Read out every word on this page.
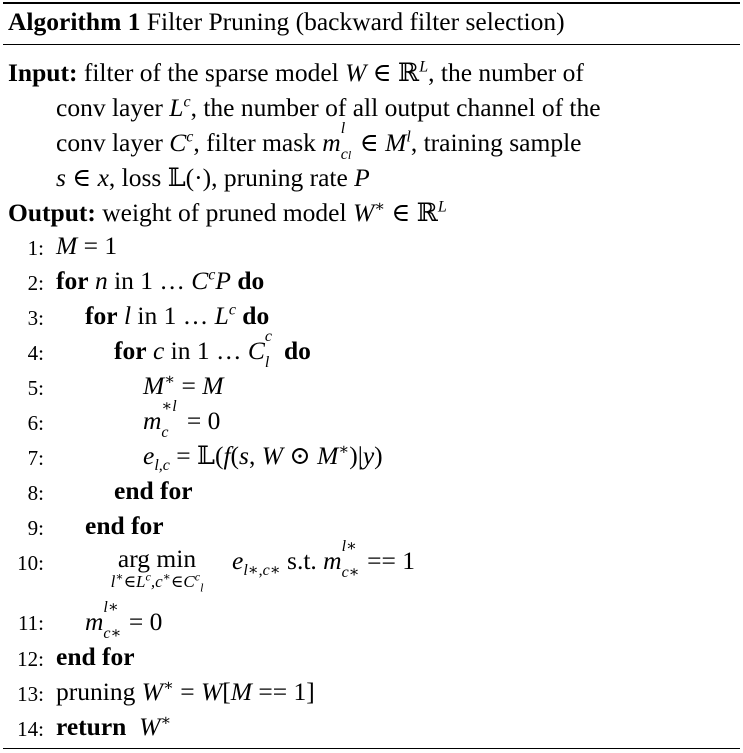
Algorithm 1 Filter Pruning (backward filter selection)
Input: filter of the sparse model W ∈ ℝ$^L$, the number of
conv layer $L^c$, the number of all output channel of the
conv layer $C^c$, filter mask m l
cl ∈ $M^l$, training sample
s ∈ x, loss 𝕃(·), pruning rate P
Output: weight of pruned model W∗ ∈ ℝ$^L$
1:
2:
3:
4:
5:
6:
7:
8:
9:
10:
11:
12:
13:
14:
M = 1
for n in 1 … $C^cP$ do
for l in 1 … $L^c$ do
for c in 1 … C c
l do
M∗ = M
m ∗l
c = 0
$e_{l,c}$ = 𝕃(f(s, W ⊙ M∗)|y)
end for
end for
arg min
$l^∗\in L^c,c^∗\in C^c_l$
$e_{l∗,c∗}$ s.t. m l∗
c∗ == 1
m l∗
c∗ = 0
end for
pruning W∗ = W[M == 1]
return W∗
